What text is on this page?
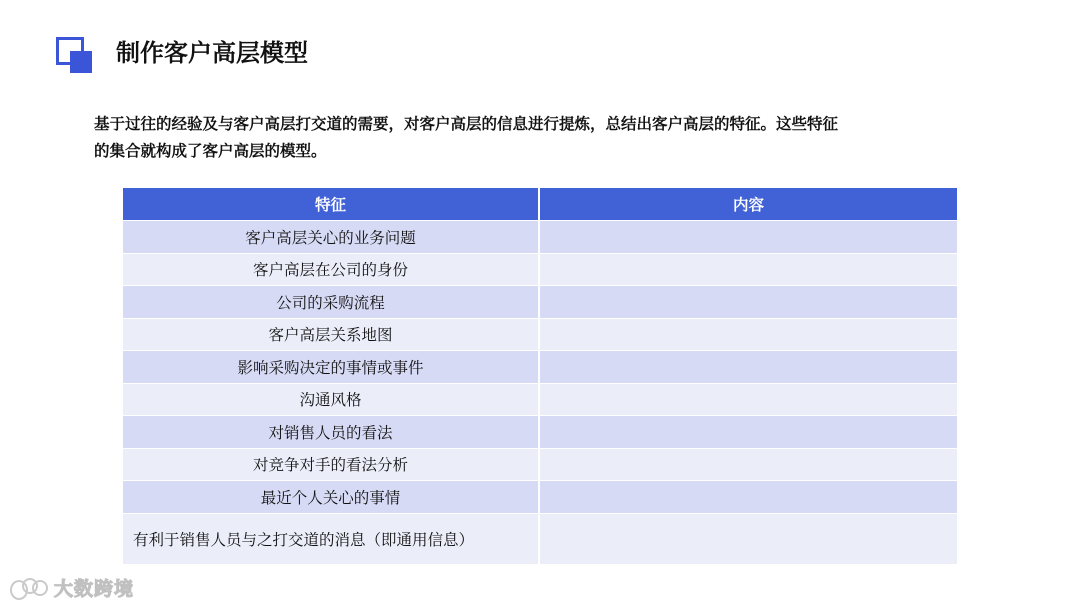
制作客户高层模型

基于过往的经验及与客户高层打交道的需要，对客户高层的信息进行提炼，总结出客户高层的特征。这些特征

的集合就构成了客户高层的模型。

特征	内容
客户高层关心的业务问题	
客户高层在公司的身份	
公司的采购流程	
客户高层关系地图	
影响采购决定的事情或事件	
沟通风格	
对销售人员的看法	
对竞争对手的看法分析	
最近个人关心的事情	
有利于销售人员与之打交道的消息（即通用信息）	
大数跨境
